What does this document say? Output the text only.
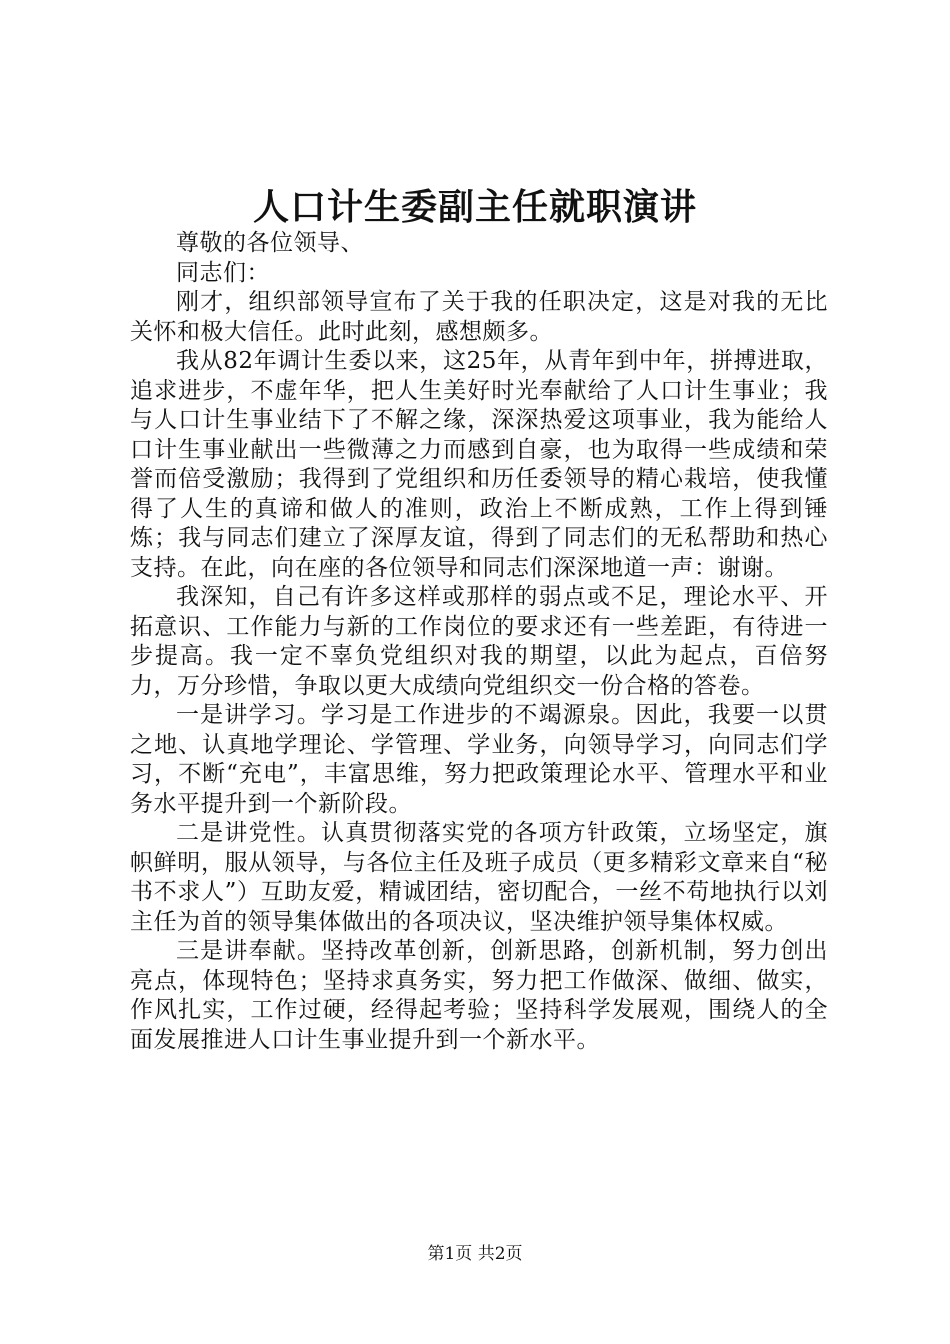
人口计生委副主任就职演讲

尊敬的各位领导、

同志们：

刚才，组织部领导宣布了关于我的任职决定，这是对我的无比关怀和极大信任。此时此刻，感想颇多。

我从82年调计生委以来，这25年，从青年到中年，拼搏进取，追求进步，不虚年华，把人生美好时光奉献给了人口计生事业；我与人口计生事业结下了不解之缘，深深热爱这项事业，我为能给人口计生事业献出一些微薄之力而感到自豪，也为取得一些成绩和荣誉而倍受激励；我得到了党组织和历任委领导的精心栽培，使我懂得了人生的真谛和做人的准则，政治上不断成熟，工作上得到锤炼；我与同志们建立了深厚友谊，得到了同志们的无私帮助和热心支持。在此，向在座的各位领导和同志们深深地道一声：谢谢。

我深知，自己有许多这样或那样的弱点或不足，理论水平、开拓意识、工作能力与新的工作岗位的要求还有一些差距，有待进一步提高。我一定不辜负党组织对我的期望，以此为起点，百倍努力，万分珍惜，争取以更大成绩向党组织交一份合格的答卷。

一是讲学习。学习是工作进步的不竭源泉。因此，我要一以贯之地、认真地学理论、学管理、学业务，向领导学习，向同志们学习，不断“充电”，丰富思维，努力把政策理论水平、管理水平和业务水平提升到一个新阶段。

二是讲党性。认真贯彻落实党的各项方针政策，立场坚定，旗帜鲜明，服从领导，与各位主任及班子成员（更多精彩文章来自“秘书不求人”）互助友爱，精诚团结，密切配合，一丝不苟地执行以刘主任为首的领导集体做出的各项决议，坚决维护领导集体权威。

三是讲奉献。坚持改革创新，创新思路，创新机制，努力创出亮点，体现特色；坚持求真务实，努力把工作做深、做细、做实，作风扎实，工作过硬，经得起考验；坚持科学发展观，围绕人的全面发展推进人口计生事业提升到一个新水平。

第1页 共2页
